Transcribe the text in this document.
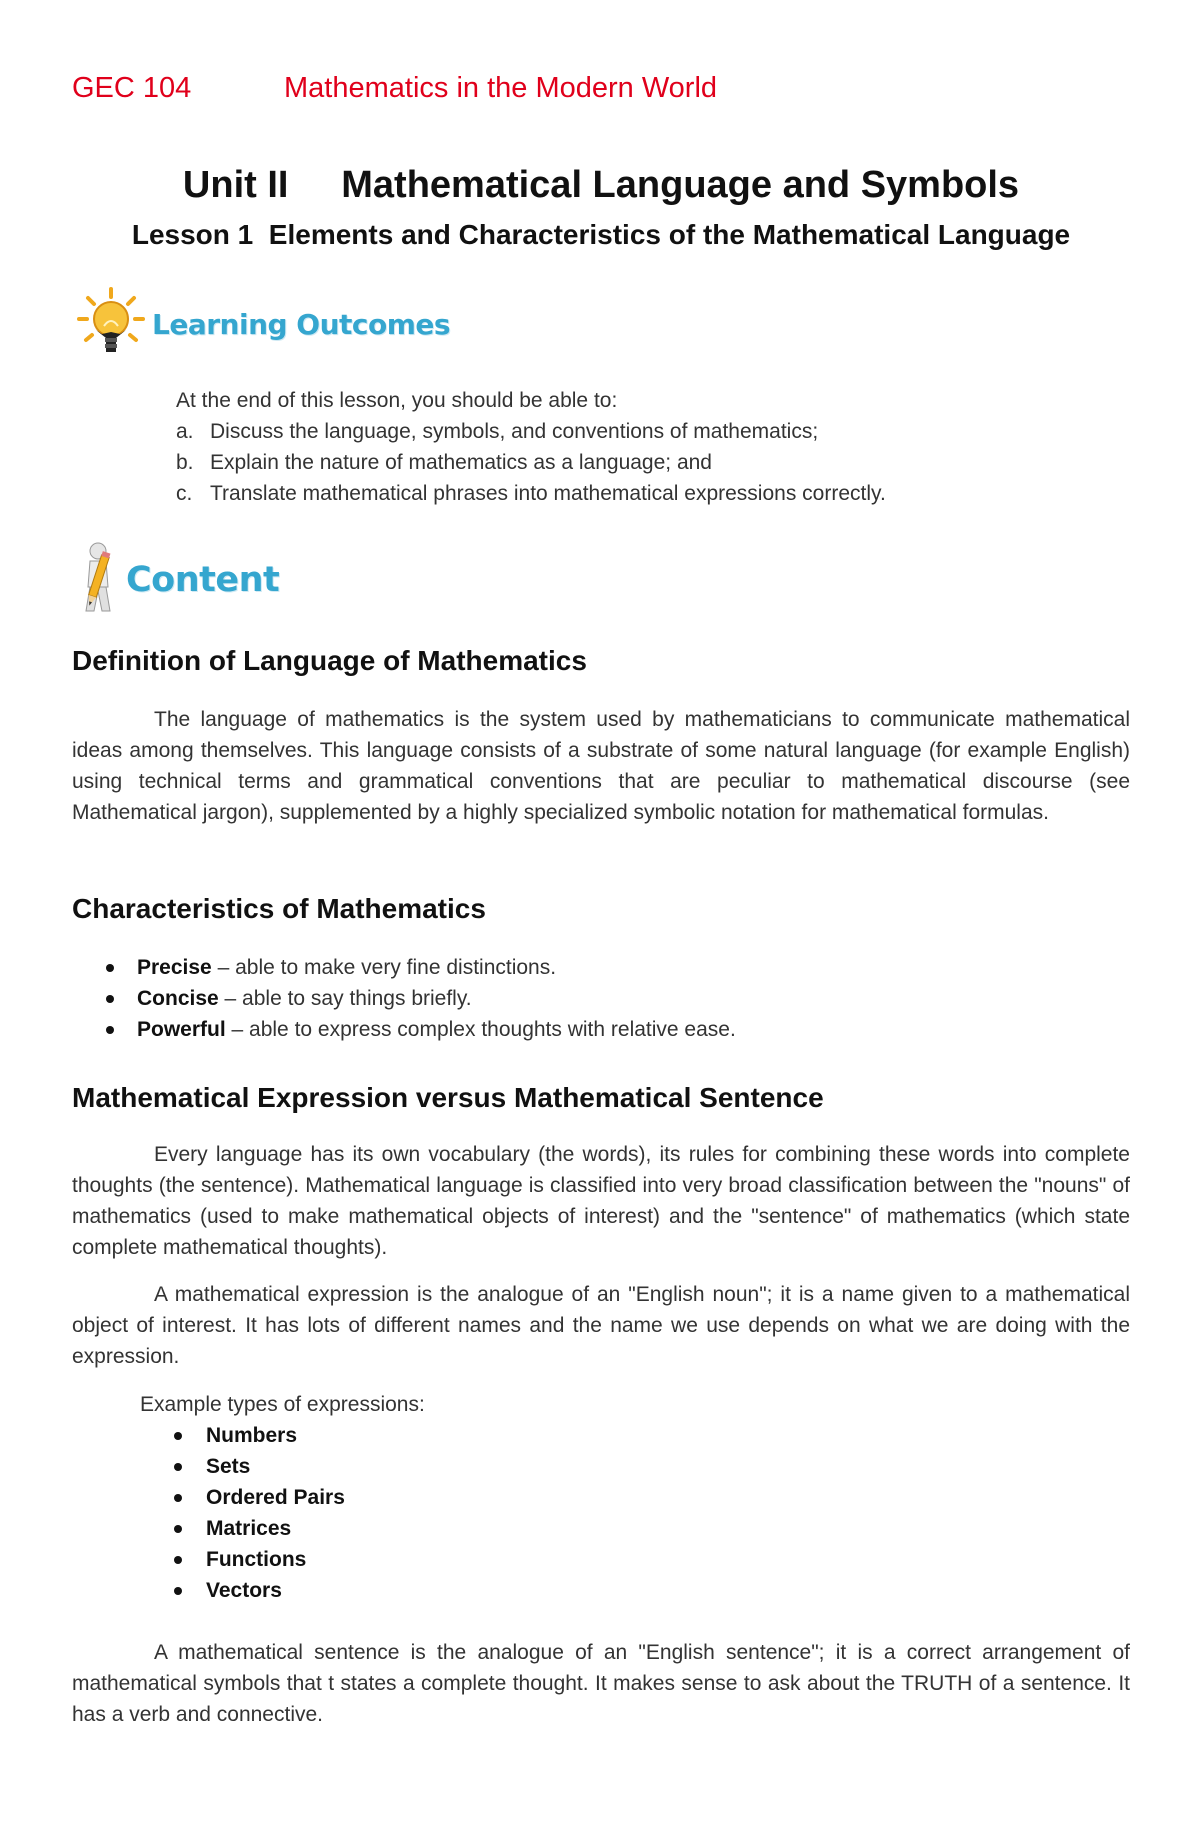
GEC 104	Mathematics in the Modern World
Unit II     Mathematical Language and Symbols
Lesson 1  Elements and Characteristics of the Mathematical Language
Learning Outcomes
At the end of this lesson, you should be able to:
a. Discuss the language, symbols, and conventions of mathematics;
b. Explain the nature of mathematics as a language; and
c. Translate mathematical phrases into mathematical expressions correctly.
Content
Definition of Language of Mathematics

The language of mathematics is the system used by mathematicians to communicate mathematical ideas among themselves. This language consists of a substrate of some natural language (for example English) using technical terms and grammatical conventions that are peculiar to mathematical discourse (see Mathematical jargon), supplemented by a highly specialized symbolic notation for mathematical formulas.

Characteristics of Mathematics
Precise – able to make very fine distinctions.
Concise – able to say things briefly.
Powerful – able to express complex thoughts with relative ease.
Mathematical Expression versus Mathematical Sentence

Every language has its own vocabulary (the words), its rules for combining these words into complete thoughts (the sentence). Mathematical language is classified into very broad classification between the "nouns" of mathematics (used to make mathematical objects of interest) and the "sentence" of mathematics (which state complete mathematical thoughts).

A mathematical expression is the analogue of an "English noun"; it is a name given to a mathematical object of interest. It has lots of different names and the name we use depends on what we are doing with the expression.

Example types of expressions:
Numbers
Sets
Ordered Pairs
Matrices
Functions
Vectors

A mathematical sentence is the analogue of an "English sentence"; it is a correct arrangement of mathematical symbols that t states a complete thought. It makes sense to ask about the TRUTH of a sentence. It has a verb and connective.
